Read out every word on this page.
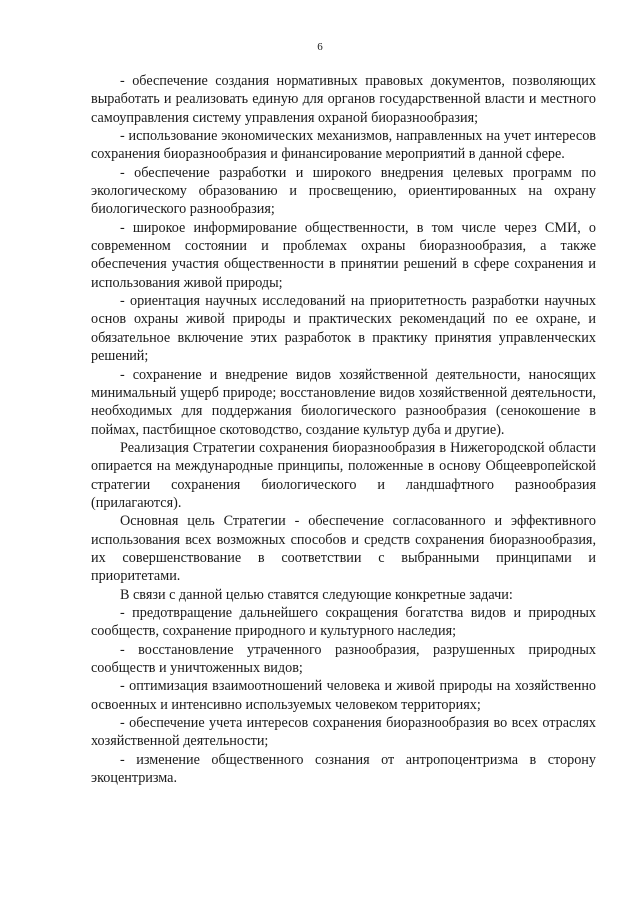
6

- обеспечение создания нормативных правовых документов, позволяющих выработать и реализовать единую для органов государственной власти и местного самоуправления систему управления охраной биоразнообразия;

- использование экономических механизмов, направленных на учет интересов сохранения биоразнообразия и финансирование мероприятий в данной сфере.

- обеспечение разработки и широкого внедрения целевых программ по экологическому образованию и просвещению, ориентированных на охрану биологического разнообразия;

- широкое информирование общественности, в том числе через СМИ, о современном состоянии и проблемах охраны биоразнообразия, а также обеспечения участия общественности в принятии решений в сфере сохранения и использования живой природы;

- ориентация научных исследований на приоритетность разработки научных основ охраны живой природы и практических рекомендаций по ее охране, и обязательное включение этих разработок в практику принятия управленческих решений;

- сохранение и внедрение видов хозяйственной деятельности, наносящих минимальный ущерб природе; восстановление видов хозяйственной деятельности, необходимых для поддержания биологического разнообразия (сенокошение в поймах, пастбищное скотоводство, создание культур дуба и другие).

Реализация Стратегии сохранения биоразнообразия в Нижегородской области опирается на международные принципы, положенные в основу Общеевропейской стратегии сохранения биологического и ландшафтного разнообразия (прилагаются).

Основная цель Стратегии - обеспечение согласованного и эффективного использования всех возможных способов и средств сохранения биоразнообразия, их совершенствование в соответствии с выбранными принципами и приоритетами.

В связи с данной целью ставятся следующие конкретные задачи:

- предотвращение дальнейшего сокращения богатства видов и природных сообществ, сохранение природного и культурного наследия;

- восстановление утраченного разнообразия, разрушенных природных сообществ и уничтоженных видов;

- оптимизация взаимоотношений человека и живой природы на хозяйственно освоенных и интенсивно используемых человеком территориях;

- обеспечение учета интересов сохранения биоразнообразия во всех отраслях хозяйственной деятельности;

- изменение общественного сознания от антропоцентризма в сторону экоцентризма.
